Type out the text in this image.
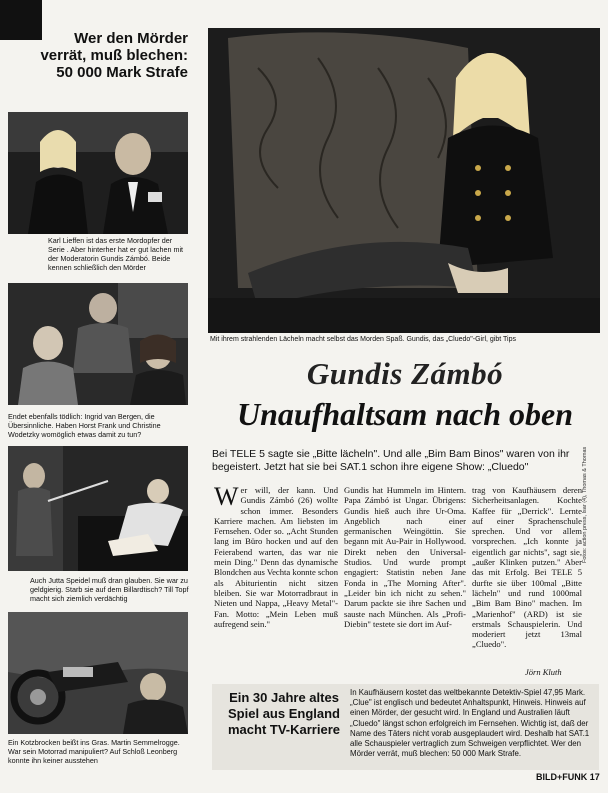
Wer den Mörder verrät, muß blechen: 50 000 Mark Strafe
Karl Lieffen ist das erste Mordopfer der Serie . Aber hinterher hat er gut lachen mit der Moderatorin Gundis Zámbó. Beide kennen schließlich den Mörder
Endet ebenfalls tödlich: Ingrid van Bergen, die Übersinnliche. Haben Horst Frank und Christine Wodetzky womöglich etwas damit zu tun?
Auch Jutta Speidel muß dran glauben. Sie war zu geldgierig. Starb sie auf dem Billardtisch? Till Topf macht sich ziemlich verdächtig
Ein Kotzbrocken beißt ins Gras. Martin Semmelrogge. War sein Motorrad manipuliert? Auf Schloß Leonberg konnte ihn keiner ausstehen
Mit ihrem strahlenden Lächeln macht selbst das Morden Spaß. Gundis, das „Cluedo"-Girl, gibt Tips
Fotos: action press, Isar (4), Thomas & Thomas
Gundis Zámbó
Unaufhaltsam nach oben
Bei TELE 5 sagte sie „Bitte lächeln". Und alle „Bim Bam Binos" waren von ihr begeistert. Jetzt hat sie bei SAT.1 schon ihre eigene Show: „Cluedo"

Wer will, der kann. Und Gundis Zámbó (26) wollte schon immer. Besonders Karriere machen. Am liebsten im Fernsehen. Oder so. „Acht Stunden lang im Büro hocken und auf den Feierabend warten, das war nie mein Ding." Denn das dynamische Blondchen aus Vechta konnte schon als Abiturientin nicht sitzen bleiben. Sie war Motorradbraut in Nieten und Nappa, „Heavy Metal"-Fan. Motto: „Mein Leben muß aufregend sein."

Gundis hat Hummeln im Hintern. Papa Zámbó ist Ungar. Übrigens: Gundis hieß auch ihre Ur-Oma. Angeblich nach einer germanischen Weingöttin. Sie begann mit Au-Pair in Hollywood. Direkt neben den Universal-Studios. Und wurde prompt engagiert: Statistin neben Jane Fonda in „The Morning After". „Leider bin ich nicht zu sehen." Darum packte sie ihre Sachen und sauste nach München. Als „Profi-Diebin" testete sie dort im Auf-

trag von Kaufhäusern deren Sicherheitsanlagen. Kochte Kaffee für „Derrick". Lernte auf einer Sprachenschule sprechen. Und vor allem vorsprechen. „Ich konnte ja eigentlich gar nichts", sagt sie, „außer Klinken putzen." Aber das mit Erfolg. Bei TELE 5 durfte sie über 100mal „Bitte lächeln" und rund 1000mal „Bim Bam Bino" machen. Im „Marienhof" (ARD) ist sie erstmals Schauspielerin. Und moderiert jetzt 13mal „Cluedo".

Jörn Kluth
Ein 30 Jahre altes Spiel aus England macht TV-Karriere
In Kaufhäusern kostet das weltbekannte Detektiv-Spiel 47,95 Mark. „Clue" ist englisch und bedeutet Anhaltspunkt, Hinweis. Hinweis auf einen Mörder, der gesucht wird. In England und Australien läuft „Cluedo" längst schon erfolgreich im Fernsehen. Wichtig ist, daß der Name des Täters nicht vorab ausgeplaudert wird. Deshalb hat SAT.1 alle Schauspieler vertraglich zum Schweigen verpflichtet. Wer den Mörder verrät, muß blechen: 50 000 Mark Strafe.
BILD+FUNK 17
